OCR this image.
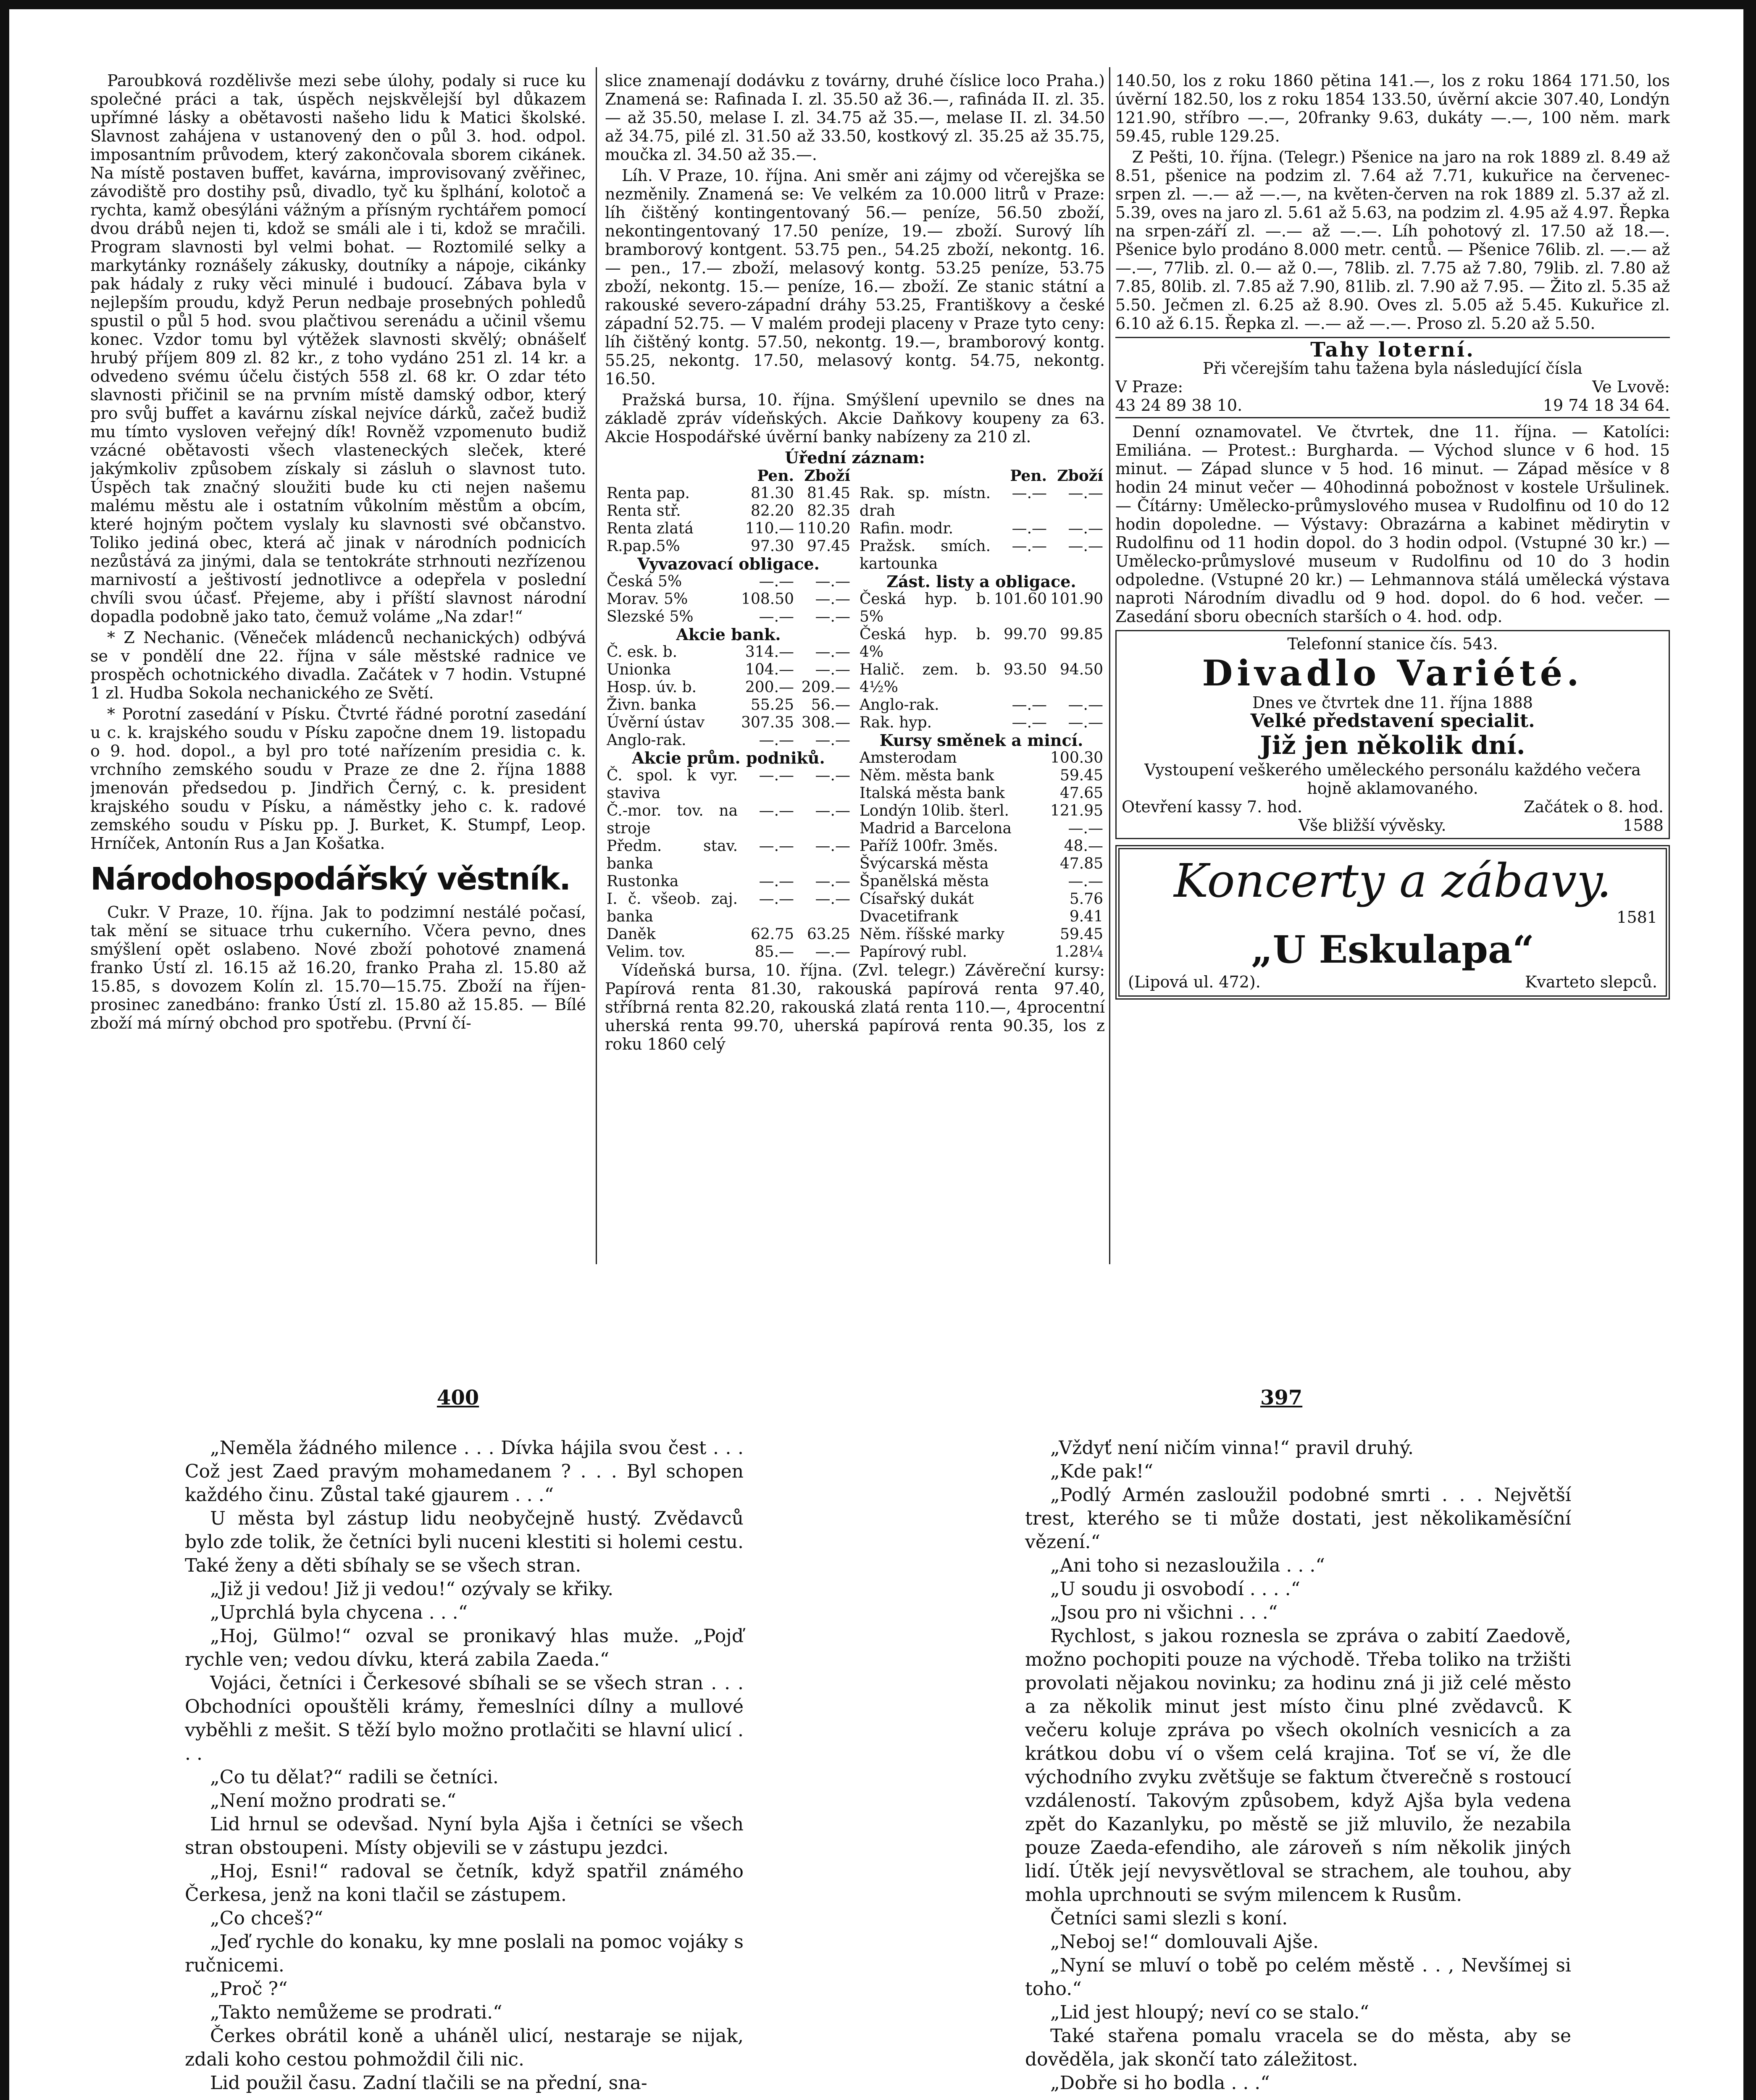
Paroubková rozdělivše mezi sebe úlohy, podaly si ruce ku společné práci a tak, úspěch nejskvělejší byl důkazem upřímné lásky a obětavosti našeho lidu k Matici školské. Slavnost zahájena v ustanovený den o půl 3. hod. odpol. imposantním průvodem, který zakončovala sborem cikánek. Na místě postaven buffet, kavárna, improvisovaný zvěřinec, závodiště pro dostihy psů, divadlo, tyč ku šplhání, kolotoč a rychta, kamž obesýláni vážným a přísným rychtářem pomocí dvou drábů nejen ti, kdož se smáli ale i ti, kdož se mračili. Program slavnosti byl velmi bohat. — Roztomilé selky a markytánky roznášely zákusky, doutníky a nápoje, cikánky pak hádaly z ruky věci minulé i budoucí. Zábava byla v nejlepším proudu, když Perun nedbaje prosebných pohledů spustil o půl 5 hod. svou plačtivou serenádu a učinil všemu konec. Vzdor tomu byl výtěžek slavnosti skvělý; obnášelť hrubý příjem 809 zl. 82 kr., z toho vydáno 251 zl. 14 kr. a odvedeno svému účelu čistých 558 zl. 68 kr. O zdar této slavnosti přičinil se na prvním místě damský odbor, který pro svůj buffet a kavárnu získal nejvíce dárků, začež budiž mu tímto vysloven veřejný dík! Rovněž vzpomenuto budiž vzácné obětavosti všech vlasteneckých sleček, které jakýmkoliv způsobem získaly si zásluh o slavnost tuto. Úspěch tak značný sloužiti bude ku cti nejen našemu malému městu ale i ostatním vůkolním městům a obcím, které hojným počtem vyslaly ku slavnosti své občanstvo. Toliko jediná obec, která ač jinak v národních podnicích nezůstává za jinými, dala se tentokráte strhnouti nezřízenou marnivostí a ještivostí jednotlivce a odepřela v poslední chvíli svou účasť. Přejeme, aby i příští slavnost národní dopadla podobně jako tato, čemuž voláme „Na zdar!“

* Z Nechanic. (Věneček mládenců nechanických) odbývá se v pondělí dne 22. října v sále městské radnice ve prospěch ochotnického divadla. Začátek v 7 hodin. Vstupné 1 zl. Hudba Sokola nechanického ze Světí.

* Porotní zasedání v Písku. Čtvrté řádné porotní zasedání u c. k. krajského soudu v Písku započne dnem 19. listopadu o 9. hod. dopol., a byl pro toté nařízením presidia c. k. vrchního zemského soudu v Praze ze dne 2. října 1888 jmenován předsedou p. Jindřich Černý, c. k. president krajského soudu v Písku, a náměstky jeho c. k. radové zemského soudu v Písku pp. J. Burket, K. Stumpf, Leop. Hrníček, Antonín Rus a Jan Košatka.

Národohospodářský věstník.

Cukr. V Praze, 10. října. Jak to podzimní nestálé počasí, tak mění se situace trhu cukerního. Včera pevno, dnes smýšlení opět oslabeno. Nové zboží pohotové znamená franko Ústí zl. 16.15 až 16.20, franko Praha zl. 15.80 až 15.85, s dovozem Kolín zl. 15.70—15.75. Zboží na říjen-prosinec zanedbáno: franko Ústí zl. 15.80 až 15.85. — Bílé zboží má mírný obchod pro spotřebu. (První čí-

slice znamenají dodávku z továrny, druhé číslice loco Praha.) Znamená se: Rafinada I. zl. 35.50 až 36.—, rafináda II. zl. 35.— až 35.50, melase I. zl. 34.75 až 35.—, melase II. zl. 34.50 až 34.75, pilé zl. 31.50 až 33.50, kostkový zl. 35.25 až 35.75, moučka zl. 34.50 až 35.—.

Líh. V Praze, 10. října. Ani směr ani zájmy od včerejška se nezměnily. Znamená se: Ve velkém za 10.000 litrů v Praze: líh čištěný kontingentovaný 56.— peníze, 56.50 zboží, nekontingentovaný 17.50 peníze, 19.— zboží. Surový líh bramborový kontgent. 53.75 pen., 54.25 zboží, nekontg. 16.— pen., 17.— zboží, melasový kontg. 53.25 peníze, 53.75 zboží, nekontg. 15.— peníze, 16.— zboží. Ze stanic státní a rakouské severo-západní dráhy 53.25, Františkovy a české západní 52.75. — V malém prodeji placeny v Praze tyto ceny: líh čištěný kontg. 57.50, nekontg. 19.—, bramborový kontg. 55.25, nekontg. 17.50, melasový kontg. 54.75, nekontg. 16.50.

Pražská bursa, 10. října. Smýšlení upevnilo se dnes na základě zpráv vídeňských. Akcie Daňkovy koupeny za 63. Akcie Hospodářské úvěrní banky nabízeny za 210 zl.

Úřední záznam:
	Pen.	Zboží
Renta pap.	81.30	81.45
Renta stř.	82.20	82.35
Renta zlatá	110.—	110.20
R.pap.5%	97.30	97.45
Vyvazovací obligace.		
Česká 5%	—.—	—.—
Morav. 5%	108.50	—.—
Slezské 5%	—.—	—.—
Akcie bank.		
Č. esk. b.	314.—	—.—
Unionka	104.—	—.—
Hosp. úv. b.	200.—	209.—
Živn. banka	55.25	56.—
Úvěrní ústav	307.35	308.—
Anglo-rak.	—.—	—.—
Akcie prům. podniků.		
Č. spol. k vyr. staviva	—.—	—.—
Č.-mor. tov. na stroje	—.—	—.—
Předm. stav. banka	—.—	—.—
Rustonka	—.—	—.—
I. č. všeob. zaj. banka	—.—	—.—
Daněk	62.75	63.25
Velim. tov.	85.—	—.—
	Pen.	Zboží
Rak. sp. místn. drah	—.—	—.—
Rafin. modr.	—.—	—.—
Pražsk. smích. kartounka	—.—	—.—
Zást. listy a obligace.		
Česká hyp. b. 5%	101.60	101.90
Česká hyp. b. 4%	99.70	99.85
Halič. zem. b. 4½%	93.50	94.50
Anglo-rak.	—.—	—.—
Rak. hyp.	—.—	—.—
Kursy směnek a mincí.		
Amsterodam		100.30
Něm. města bank		59.45
Italská města bank		47.65
Londýn 10lib. šterl.		121.95
Madrid a Barcelona		—.—
Paříž 100fr. 3měs.		48.—
Švýcarská města		47.85
Španělská města		—.—
Císařský dukát		5.76
Dvacetifrank		9.41
Něm. říšské marky		59.45
Papírový rubl.		1.28¼

Vídeňská bursa, 10. října. (Zvl. telegr.) Závěreční kursy: Papírová renta 81.30, rakouská papírová renta 97.40, stříbrná renta 82.20, rakouská zlatá renta 110.—, 4procentní uherská renta 99.70, uherská papírová renta 90.35, los z roku 1860 celý

140.50, los z roku 1860 pětina 141.—, los z roku 1864 171.50, los úvěrní 182.50, los z roku 1854 133.50, úvěrní akcie 307.40, Londýn 121.90, stříbro —.—, 20franky 9.63, dukáty —.—, 100 něm. mark 59.45, ruble 129.25.

Z Pešti, 10. října. (Telegr.) Pšenice na jaro na rok 1889 zl. 8.49 až 8.51, pšenice na podzim zl. 7.64 až 7.71, kukuřice na červenec-srpen zl. —.— až —.—, na květen-červen na rok 1889 zl. 5.37 až zl. 5.39, oves na jaro zl. 5.61 až 5.63, na podzim zl. 4.95 až 4.97. Řepka na srpen-září zl. —.— až —.—. Líh pohotový zl. 17.50 až 18.—. Pšenice bylo prodáno 8.000 metr. centů. — Pšenice 76lib. zl. —.— až —.—, 77lib. zl. 0.— až 0.—, 78lib. zl. 7.75 až 7.80, 79lib. zl. 7.80 až 7.85, 80lib. zl. 7.85 až 7.90, 81lib. zl. 7.90 až 7.95. — Žito zl. 5.35 až 5.50. Ječmen zl. 6.25 až 8.90. Oves zl. 5.05 až 5.45. Kukuřice zl. 6.10 až 6.15. Řepka zl. —.— až —.—. Proso zl. 5.20 až 5.50.

Tahy loterní.
Při včerejším tahu tažena byla následující čísla
V Praze:	Ve Lvově:
43 24 89 38 10.	19 74 18 34 64.

Denní oznamovatel. Ve čtvrtek, dne 11. října. — Katolíci: Emiliána. — Protest.: Burgharda. — Východ slunce v 6 hod. 15 minut. — Západ slunce v 5 hod. 16 minut. — Západ měsíce v 8 hodin 24 minut večer — 40hodinná pobožnost v kostele Uršulinek. — Čítárny: Umělecko-průmyslového musea v Rudolfinu od 10 do 12 hodin dopoledne. — Výstavy: Obrazárna a kabinet mědirytin v Rudolfinu od 11 hodin dopol. do 3 hodin odpol. (Vstupné 30 kr.) — Umělecko-průmyslové museum v Rudolfinu od 10 do 3 hodin odpoledne. (Vstupné 20 kr.) — Lehmannova stálá umělecká výstava naproti Národním divadlu od 9 hod. dopol. do 6 hod. večer. — Zasedání sboru obecních starších o 4. hod. odp.

Telefonní stanice čís. 543.
Divadlo Variété.
Dnes ve čtvrtek dne 11. října 1888
Velké představení specialit.
Již jen několik dní.
Vystoupení veškerého uměleckého personálu každého večera hojně aklamovaného.
Otevření kassy 7. hod.	Začátek o 8. hod.
Vše bližší vývěsky.	1588
Koncerty a zábavy.
1581
„U Eskulapa“
(Lipová ul. 472).	Kvarteto slepců.
400	397

„Neměla žádného milence . . . Dívka hájila svou čest . . . Což jest Zaed pravým mohamedanem ? . . . Byl schopen každého činu. Zůstal také gjaurem . . .“

U města byl zástup lidu neobyčejně hustý. Zvědavců bylo zde tolik, že četníci byli nuceni klestiti si holemi cestu. Také ženy a děti sbíhaly se se všech stran.

„Již ji vedou! Již ji vedou!“ ozývaly se křiky.

„Uprchlá byla chycena . . .“

„Hoj, Gülmo!“ ozval se pronikavý hlas muže. „Pojď rychle ven; vedou dívku, která zabila Zaeda.“

Vojáci, četníci i Čerkesové sbíhali se se všech stran . . . Obchodníci opouštěli krámy, řemeslníci dílny a mullové vyběhli z mešit. S těží bylo možno protlačiti se hlavní ulicí . . .

„Co tu dělat?“ radili se četníci.

„Není možno prodrati se.“

Lid hrnul se odevšad. Nyní byla Ajša i četníci se všech stran obstoupeni. Místy objevili se v zástupu jezdci.

„Hoj, Esni!“ radoval se četník, když spatřil známého Čerkesa, jenž na koni tlačil se zástupem.

„Co chceš?“

„Jeď rychle do konaku, ky mne poslali na pomoc vojáky s ručnicemi.

„Proč ?“

„Takto nemůžeme se prodrati.“

Čerkes obrátil koně a uháněl ulicí, nestaraje se nijak, zdali koho cestou pohmoždil čili nic.

Lid použil času. Zadní tlačili se na přední, sna-

„Vždyť není ničím vinna!“ pravil druhý.

„Kde pak!“

„Podlý Armén zasloužil podobné smrti . . . Největší trest, kterého se ti může dostati, jest několikaměsíční vězení.“

„Ani toho si nezasloužila . . .“

„U soudu ji osvobodí . . . .“

„Jsou pro ni všichni . . .“

Rychlost, s jakou roznesla se zpráva o zabití Zaedově, možno pochopiti pouze na východě. Třeba toliko na tržišti provolati nějakou novinku; za hodinu zná ji již celé město a za několik minut jest místo činu plné zvědavců. K večeru koluje zpráva po všech okolních vesnicích a za krátkou dobu ví o všem celá krajina. Toť se ví, že dle východního zvyku zvětšuje se faktum čtverečně s rostoucí vzdáleností. Takovým způsobem, když Ajša byla vedena zpět do Kazanlyku, po městě se již mluvilo, že nezabila pouze Zaeda-efendiho, ale zároveň s ním několik jiných lidí. Útěk její nevysvětloval se strachem, ale touhou, aby mohla uprchnouti se svým milencem k Rusům.

Četníci sami slezli s koní.

„Neboj se!“ domlouvali Ajše.

„Nyní se mluví o tobě po celém městě . . , Nevšímej si toho.“

„Lid jest hloupý; neví co se stalo.“

Také stařena pomalu vracela se do města, aby se dověděla, jak skončí tato záležitost.

„Dobře si ho bodla . . .“
